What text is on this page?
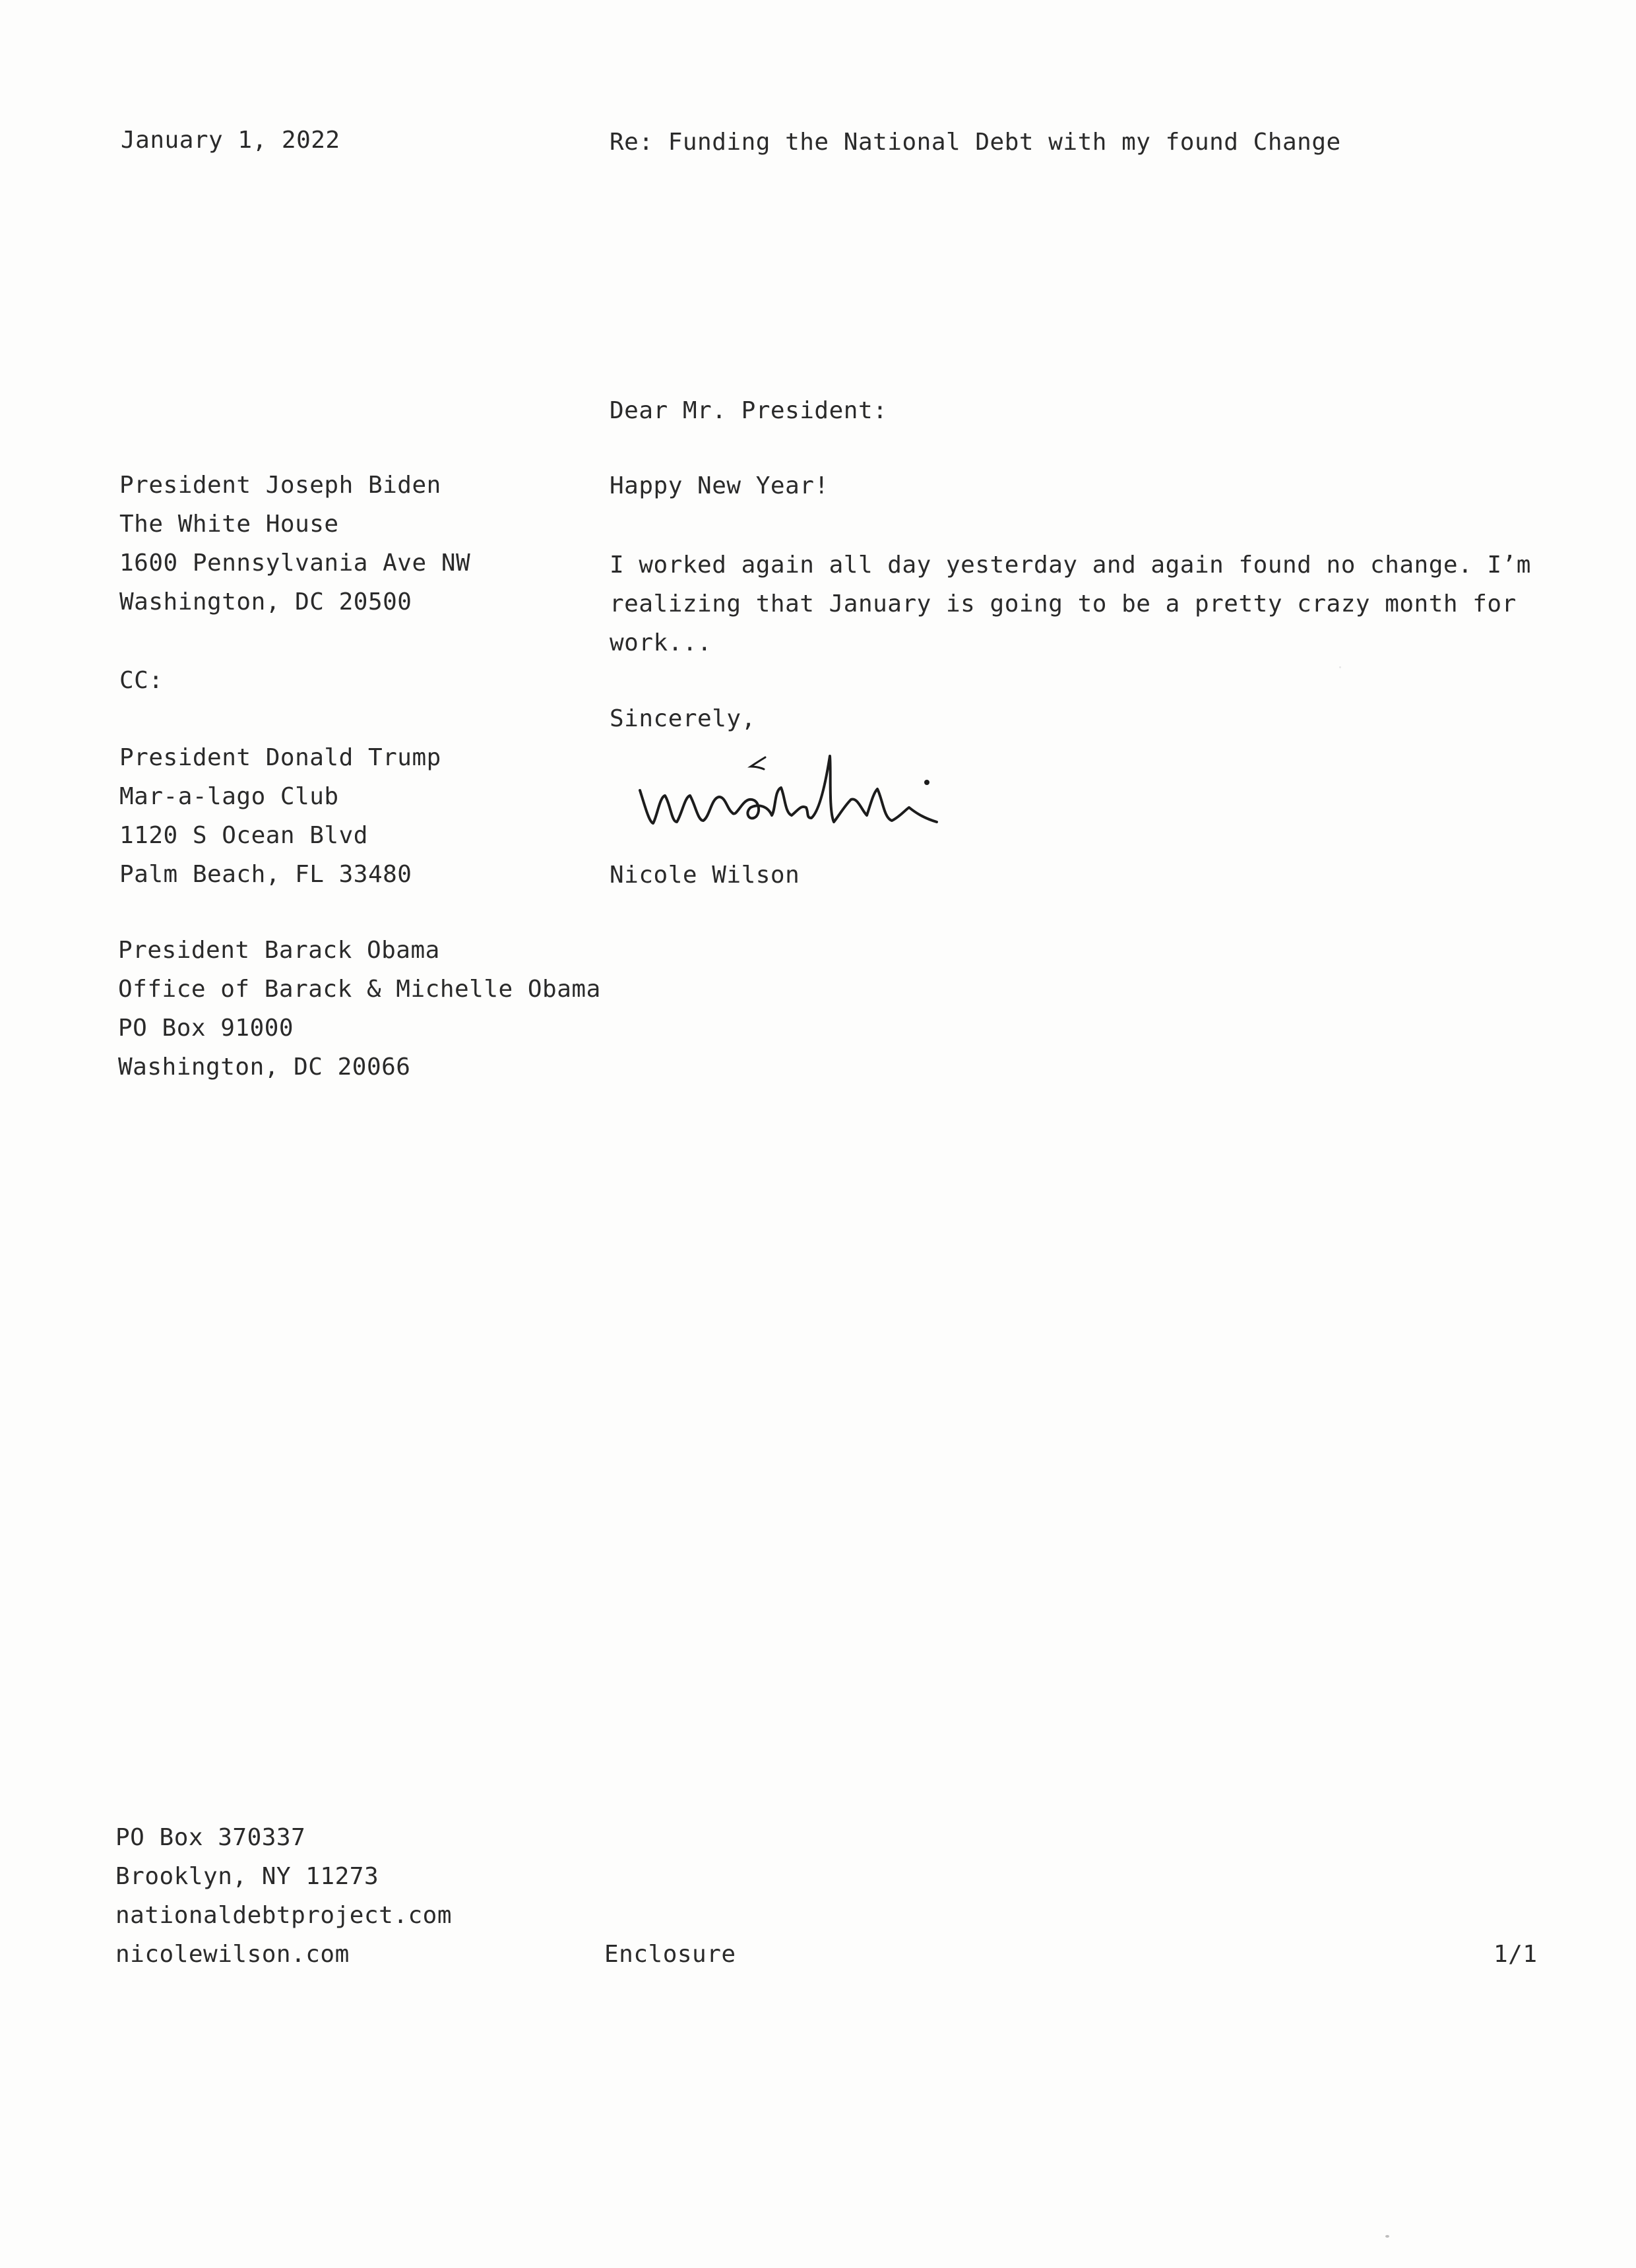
January 1, 2022	Re: Funding the National Debt with my found Change
Dear Mr. President:
Happy New Year!
I worked again all day yesterday and again found no change. I’m
realizing that January is going to be a pretty crazy month for
work...
Sincerely,
Nicole Wilson
President Joseph Biden
The White House
1600 Pennsylvania Ave NW
Washington, DC 20500
CC:
President Donald Trump
Mar-a-lago Club
1120 S Ocean Blvd
Palm Beach, FL 33480
President Barack Obama
Office of Barack & Michelle Obama
PO Box 91000
Washington, DC 20066
PO Box 370337
Brooklyn, NY 11273
nationaldebtproject.com
nicolewilson.com	Enclosure	1/1
